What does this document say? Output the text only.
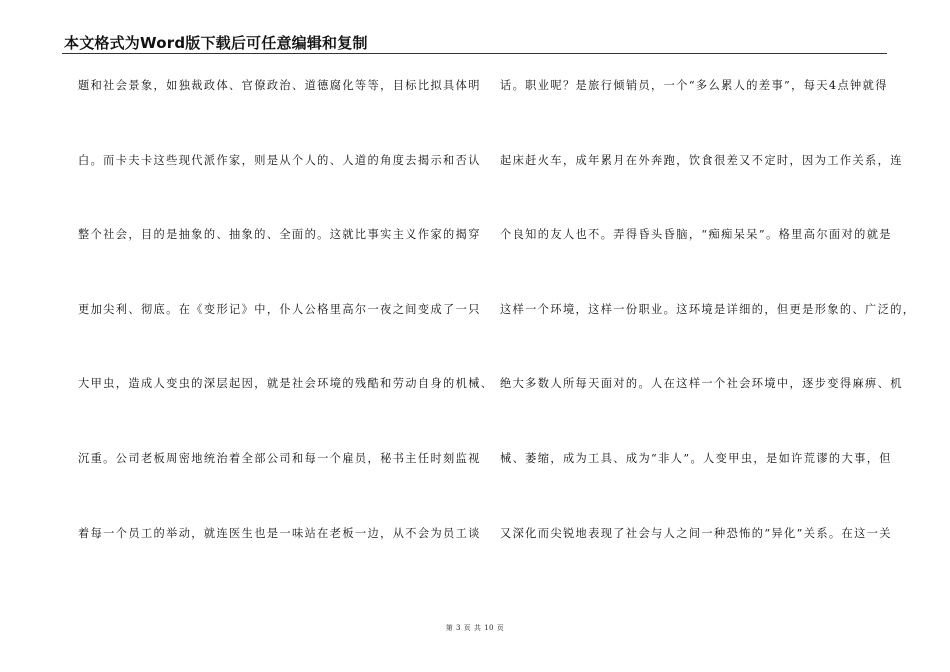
本文格式为Word版下载后可任意编辑和复制
题和社会景象，如独裁政体、官僚政治、道德腐化等等，目标比拟具体明
白。而卡夫卡这些现代派作家，则是从个人的、人道的角度去揭示和否认
整个社会，目的是抽象的、抽象的、全面的。这就比事实主义作家的揭穿
更加尖利、彻底。在《变形记》中，仆人公格里高尔一夜之间变成了一只
大甲虫，造成人变虫的深层起因，就是社会环境的残酷和劳动自身的机械、
沉重。公司老板周密地统治着全部公司和每一个雇员，秘书主任时刻监视
着每一个员工的举动，就连医生也是一味站在老板一边，从不会为员工谈
话。职业呢？是旅行倾销员，一个“多么累人的差事”，每天4点钟就得
起床赶火车，成年累月在外奔跑，饮食很差又不定时，因为工作关系，连
个良知的友人也不。弄得昏头昏脑，“痴痴呆呆”。格里高尔面对的就是
这样一个环境，这样一份职业。这环境是详细的，但更是形象的、广泛的，
绝大多数人所每天面对的。人在这样一个社会环境中，逐步变得麻痹、机
械、萎缩，成为工具、成为“非人”。人变甲虫，是如许荒谬的大事，但
又深化而尖锐地表现了社会与人之间一种恐怖的“异化”关系。在这一关
第 3 页 共 10 页
